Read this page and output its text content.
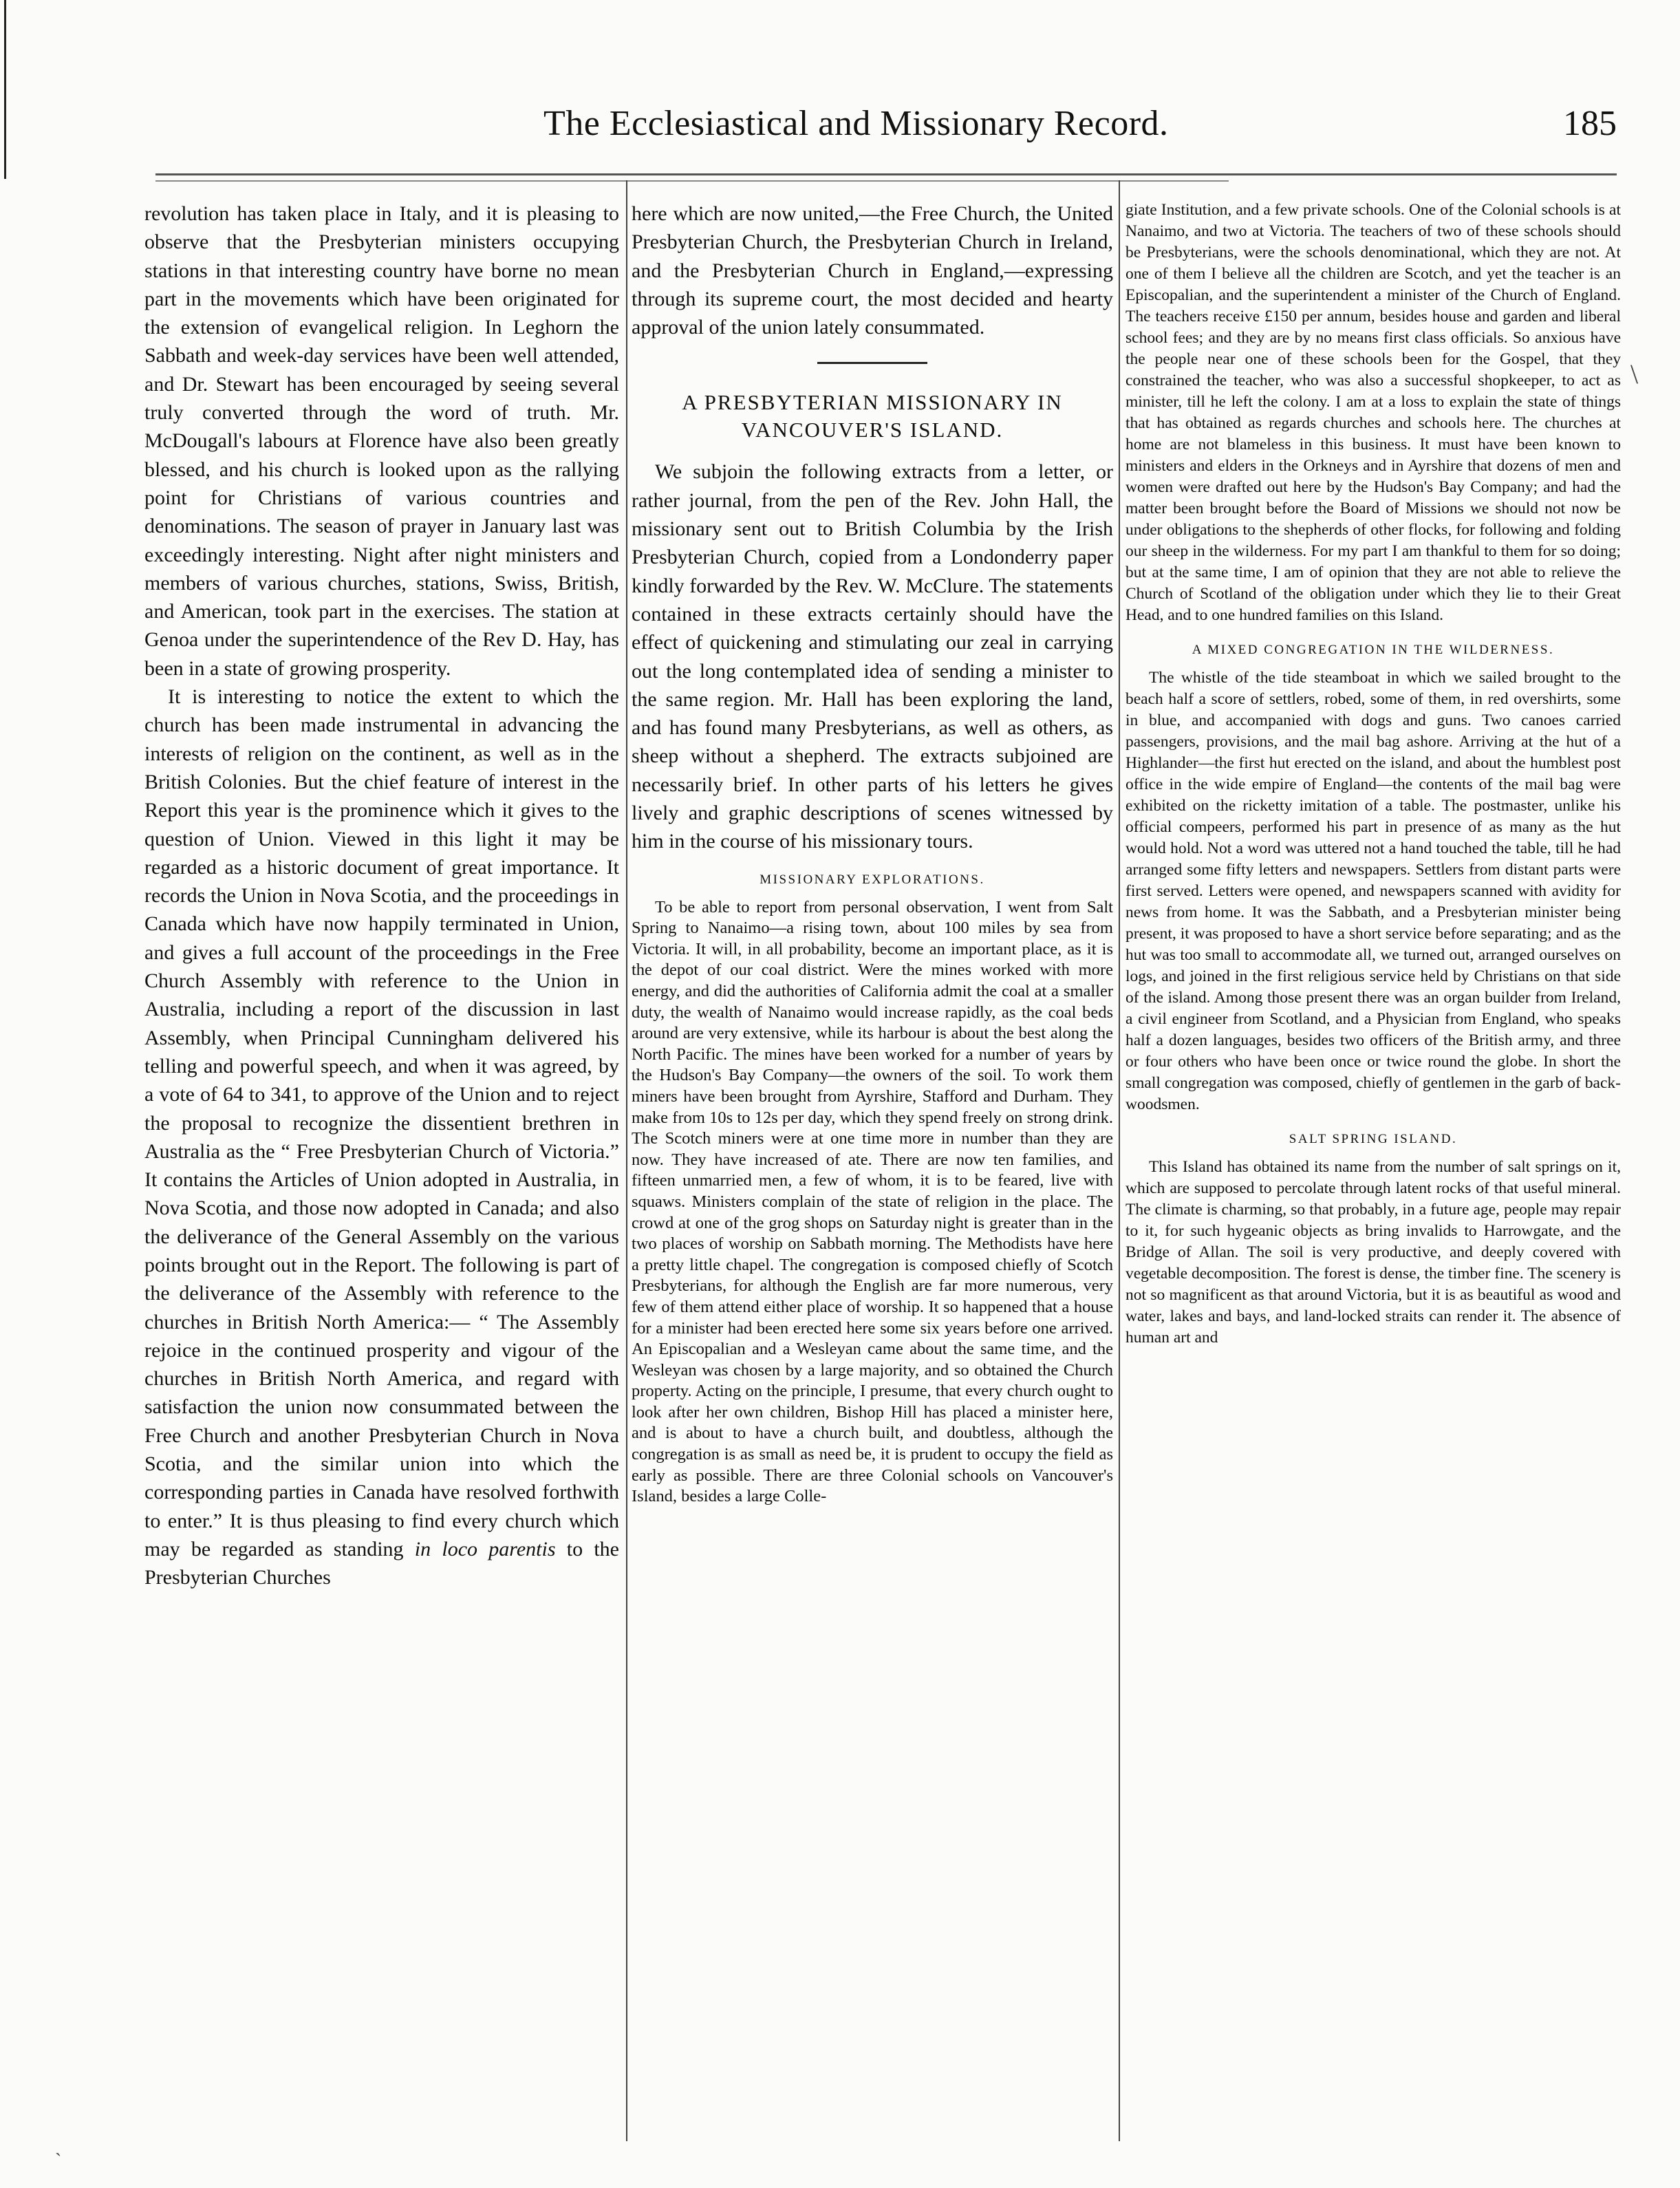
The Ecclesiastical and Missionary Record.	185

revolution has taken place in Italy, and it is pleasing to observe that the Presbyterian ministers occupying stations in that interesting country have borne no mean part in the movements which have been originated for the extension of evangelical religion. In Leghorn the Sabbath and week-day services have been well attended, and Dr. Stewart has been encouraged by seeing several truly converted through the word of truth. Mr. McDougall's labours at Florence have also been greatly blessed, and his church is looked upon as the rallying point for Christians of various countries and denominations. The season of prayer in January last was exceedingly interesting. Night after night ministers and members of various churches, stations, Swiss, British, and American, took part in the exercises. The station at Genoa under the superintendence of the Rev D. Hay, has been in a state of growing prosperity.

It is interesting to notice the extent to which the church has been made instrumental in advancing the interests of religion on the continent, as well as in the British Colonies. But the chief feature of interest in the Report this year is the prominence which it gives to the question of Union. Viewed in this light it may be regarded as a historic document of great importance. It records the Union in Nova Scotia, and the proceedings in Canada which have now happily terminated in Union, and gives a full account of the proceedings in the Free Church Assembly with reference to the Union in Australia, including a report of the discussion in last Assembly, when Principal Cunningham delivered his telling and powerful speech, and when it was agreed, by a vote of 64 to 341, to approve of the Union and to reject the proposal to recognize the dissentient brethren in Australia as the “ Free Presbyterian Church of Victoria.” It contains the Articles of Union adopted in Australia, in Nova Scotia, and those now adopted in Canada; and also the deliverance of the General Assembly on the various points brought out in the Report. The following is part of the deliverance of the Assembly with reference to the churches in British North America:— “ The Assembly rejoice in the continued prosperity and vigour of the churches in British North America, and regard with satisfaction the union now consummated between the Free Church and another Presbyterian Church in Nova Scotia, and the similar union into which the corresponding parties in Canada have resolved forthwith to enter.” It is thus pleasing to find every church which may be regarded as standing in loco parentis to the Presbyterian Churches

here which are now united,—the Free Church, the United Presbyterian Church, the Presbyterian Church in Ireland, and the Presbyterian Church in England,—expressing through its supreme court, the most decided and hearty approval of the union lately consummated.

A PRESBYTERIAN MISSIONARY IN VANCOUVER'S ISLAND.

We subjoin the following extracts from a letter, or rather journal, from the pen of the Rev. John Hall, the missionary sent out to British Columbia by the Irish Presbyterian Church, copied from a Londonderry paper kindly forwarded by the Rev. W. McClure. The statements contained in these extracts certainly should have the effect of quickening and stimulating our zeal in carrying out the long contemplated idea of sending a minister to the same region. Mr. Hall has been exploring the land, and has found many Presbyterians, as well as others, as sheep without a shepherd. The extracts subjoined are necessarily brief. In other parts of his letters he gives lively and graphic descriptions of scenes witnessed by him in the course of his missionary tours.

MISSIONARY EXPLORATIONS.

To be able to report from personal observation, I went from Salt Spring to Nanaimo—a rising town, about 100 miles by sea from Victoria. It will, in all probability, become an important place, as it is the depot of our coal district. Were the mines worked with more energy, and did the authorities of California admit the coal at a smaller duty, the wealth of Nanaimo would increase rapidly, as the coal beds around are very extensive, while its harbour is about the best along the North Pacific. The mines have been worked for a number of years by the Hudson's Bay Company—the owners of the soil. To work them miners have been brought from Ayrshire, Stafford and Durham. They make from 10s to 12s per day, which they spend freely on strong drink. The Scotch miners were at one time more in number than they are now. They have increased of ate. There are now ten families, and fifteen unmarried men, a few of whom, it is to be feared, live with squaws. Ministers complain of the state of religion in the place. The crowd at one of the grog shops on Saturday night is greater than in the two places of worship on Sabbath morning. The Methodists have here a pretty little chapel. The congregation is composed chiefly of Scotch Presbyterians, for although the English are far more numerous, very few of them attend either place of worship. It so happened that a house for a minister had been erected here some six years before one arrived. An Episcopalian and a Wesleyan came about the same time, and the Wesleyan was chosen by a large majority, and so obtained the Church property. Acting on the principle, I presume, that every church ought to look after her own children, Bishop Hill has placed a minister here, and is about to have a church built, and doubtless, although the congregation is as small as need be, it is prudent to occupy the field as early as possible. There are three Colonial schools on Vancouver's Island, besides a large Colle-

giate Institution, and a few private schools. One of the Colonial schools is at Nanaimo, and two at Victoria. The teachers of two of these schools should be Presbyterians, were the schools denominational, which they are not. At one of them I believe all the children are Scotch, and yet the teacher is an Episcopalian, and the superintendent a minister of the Church of England. The teachers receive £150 per annum, besides house and garden and liberal school fees; and they are by no means first class officials. So anxious have the people near one of these schools been for the Gospel, that they constrained the teacher, who was also a successful shopkeeper, to act as minister, till he left the colony. I am at a loss to explain the state of things that has obtained as regards churches and schools here. The churches at home are not blameless in this business. It must have been known to ministers and elders in the Orkneys and in Ayrshire that dozens of men and women were drafted out here by the Hudson's Bay Company; and had the matter been brought before the Board of Missions we should not now be under obligations to the shepherds of other flocks, for following and folding our sheep in the wilderness. For my part I am thankful to them for so doing; but at the same time, I am of opinion that they are not able to relieve the Church of Scotland of the obligation under which they lie to their Great Head, and to one hundred families on this Island.

A MIXED CONGREGATION IN THE WILDERNESS.

The whistle of the tide steamboat in which we sailed brought to the beach half a score of settlers, robed, some of them, in red overshirts, some in blue, and accompanied with dogs and guns. Two canoes carried passengers, provisions, and the mail bag ashore. Arriving at the hut of a Highlander—the first hut erected on the island, and about the humblest post office in the wide empire of England—the contents of the mail bag were exhibited on the ricketty imitation of a table. The postmaster, unlike his official compeers, performed his part in presence of as many as the hut would hold. Not a word was uttered not a hand touched the table, till he had arranged some fifty letters and newspapers. Settlers from distant parts were first served. Letters were opened, and newspapers scanned with avidity for news from home. It was the Sabbath, and a Presbyterian minister being present, it was proposed to have a short service before separating; and as the hut was too small to accommodate all, we turned out, arranged ourselves on logs, and joined in the first religious service held by Christians on that side of the island. Among those present there was an organ builder from Ireland, a civil engineer from Scotland, and a Physician from England, who speaks half a dozen languages, besides two officers of the British army, and three or four others who have been once or twice round the globe. In short the small congregation was composed, chiefly of gentlemen in the garb of back-woodsmen.

SALT SPRING ISLAND.

This Island has obtained its name from the number of salt springs on it, which are supposed to percolate through latent rocks of that useful mineral. The climate is charming, so that probably, in a future age, people may repair to it, for such hygeanic objects as bring invalids to Harrowgate, and the Bridge of Allan. The soil is very productive, and deeply covered with vegetable decomposition. The forest is dense, the timber fine. The scenery is not so magnificent as that around Victoria, but it is as beautiful as wood and water, lakes and bays, and land-locked straits can render it. The absence of human art and

\
`
